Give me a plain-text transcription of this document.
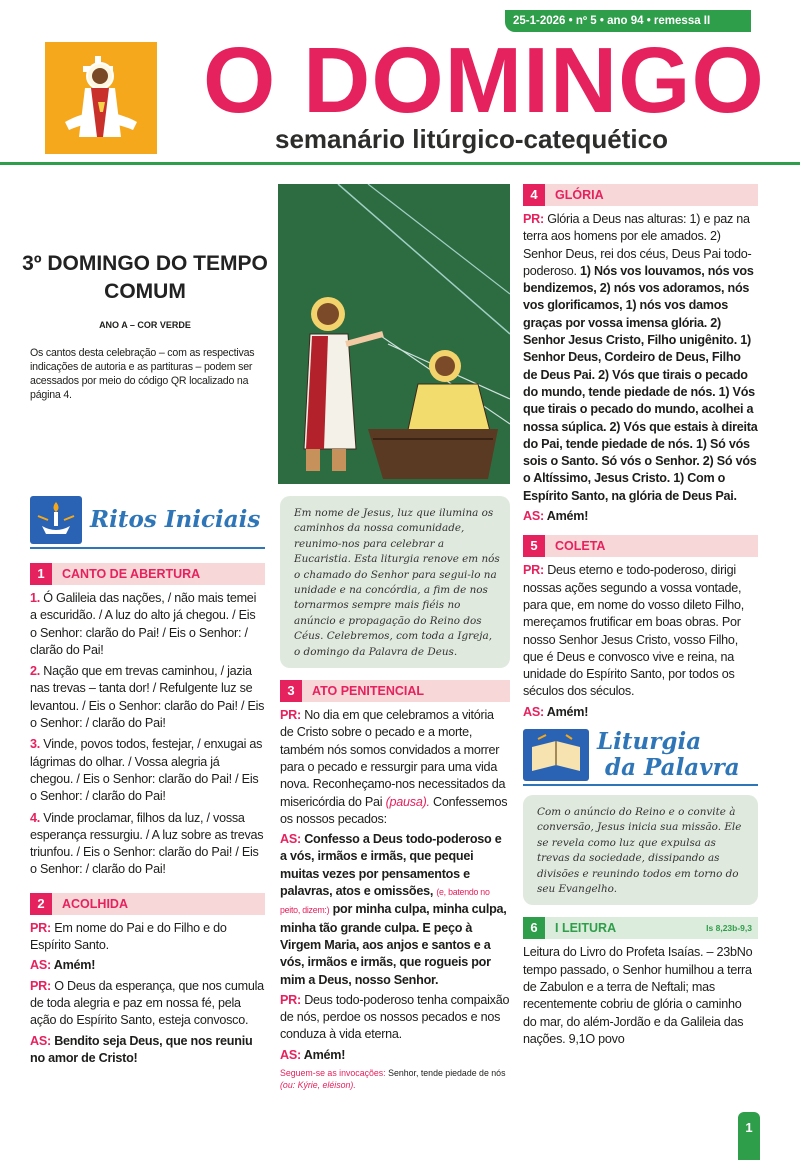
25-1-2026 • nº 5 • ano 94 • remessa II
O DOMINGO
semanário litúrgico-catequético
3º DOMINGO DO TEMPO COMUM
ANO A – COR VERDE
Os cantos desta celebração – com as respectivas indicações de autoria e as partituras – podem ser acessados por meio do código QR localizado na página 4.
Ritos Iniciais
1	CANTO DE ABERTURA

1. Ó Galileia das nações, / não mais temei a escuridão. / A luz do alto já chegou. / Eis o Senhor: clarão do Pai! / Eis o Senhor: / clarão do Pai!

2. Nação que em trevas caminhou, / jazia nas trevas – tanta dor! / Refulgente luz se levantou. / Eis o Senhor: clarão do Pai! / Eis o Senhor: / clarão do Pai!

3. Vinde, povos todos, festejar, / enxugai as lágrimas do olhar. / Vossa alegria já chegou. / Eis o Senhor: clarão do Pai! / Eis o Senhor: / clarão do Pai!

4. Vinde proclamar, filhos da luz, / vossa esperança ressurgiu. / A luz sobre as trevas triunfou. / Eis o Senhor: clarão do Pai! / Eis o Senhor: / clarão do Pai!

2	ACOLHIDA

PR: Em nome do Pai e do Filho e do Espírito Santo.

AS: Amém!

PR: O Deus da esperança, que nos cumula de toda alegria e paz em nossa fé, pela ação do Espírito Santo, esteja convosco.

AS: Bendito seja Deus, que nos reuniu no amor de Cristo!

Em nome de Jesus, luz que ilumina os caminhos da nossa comunidade, reunimo-nos para celebrar a Eucaristia. Esta liturgia renove em nós o chamado do Senhor para segui-lo na unidade e na concórdia, a fim de nos tornarmos sempre mais fiéis no anúncio e propagação do Reino dos Céus. Celebremos, com toda a Igreja, o domingo da Palavra de Deus.
3	ATO PENITENCIAL

PR: No dia em que celebramos a vitória de Cristo sobre o pecado e a morte, também nós somos convidados a morrer para o pecado e ressurgir para uma vida nova. Reconheçamo-nos necessitados da misericórdia do Pai (pausa). Confessemos os nossos pecados:

AS: Confesso a Deus todo-poderoso e a vós, irmãos e irmãs, que pequei muitas vezes por pensamentos e palavras, atos e omissões, (e, batendo no peito, dizem:) por minha culpa, minha culpa, minha tão grande culpa. E peço à Virgem Maria, aos anjos e santos e a vós, irmãos e irmãs, que rogueis por mim a Deus, nosso Senhor.

PR: Deus todo-poderoso tenha compaixão de nós, perdoe os nossos pecados e nos conduza à vida eterna.

AS: Amém!

Seguem-se as invocações: Senhor, tende piedade de nós (ou: Kýrie, eléison).

4	GLÓRIA

PR: Glória a Deus nas alturas: 1) e paz na terra aos homens por ele amados. 2) Senhor Deus, rei dos céus, Deus Pai todo-poderoso. 1) Nós vos louvamos, nós vos bendizemos, 2) nós vos adoramos, nós vos glorificamos, 1) nós vos damos graças por vossa imensa glória. 2) Senhor Jesus Cristo, Filho unigênito. 1) Senhor Deus, Cordeiro de Deus, Filho de Deus Pai. 2) Vós que tirais o pecado do mundo, tende piedade de nós. 1) Vós que tirais o pecado do mundo, acolhei a nossa súplica. 2) Vós que estais à direita do Pai, tende piedade de nós. 1) Só vós sois o Santo. Só vós o Senhor. 2) Só vós o Altíssimo, Jesus Cristo. 1) Com o Espírito Santo, na glória de Deus Pai.

AS: Amém!

5	COLETA

PR: Deus eterno e todo-poderoso, dirigi nossas ações segundo a vossa vontade, para que, em nome do vosso dileto Filho, mereçamos frutificar em boas obras. Por nosso Senhor Jesus Cristo, vosso Filho, que é Deus e convosco vive e reina, na unidade do Espírito Santo, por todos os séculos dos séculos.

AS: Amém!

Liturgia
da Palavra
Com o anúncio do Reino e o convite à conversão, Jesus inicia sua missão. Ele se revela como luz que expulsa as trevas da sociedade, dissipando as divisões e reunindo todos em torno do seu Evangelho.
6	I LEITURA	Is 8,23b-9,3

Leitura do Livro do Profeta Isaías. – 23bNo tempo passado, o Senhor humilhou a terra de Zabulon e a terra de Neftali; mas recentemente cobriu de glória o caminho do mar, do além-Jordão e da Galileia das nações. 9,1O povo

1
